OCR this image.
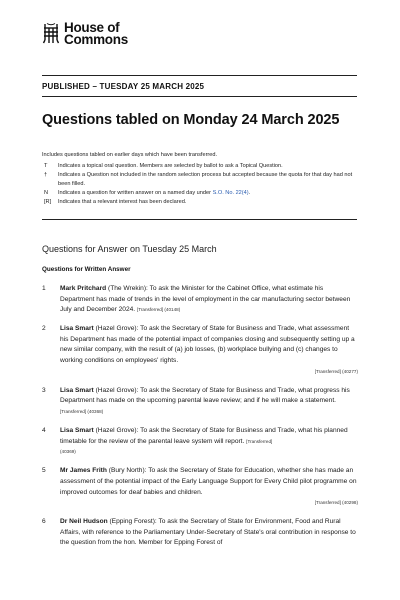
House of
Commons
PUBLISHED – TUESDAY 25 MARCH 2025
Questions tabled on Monday 24 March 2025
Includes questions tabled on earlier days which have been transferred.
T	Indicates a topical oral question. Members are selected by ballot to ask a Topical Question.
†	Indicates a Question not included in the random selection process but accepted because the quota for that day had not been filled.
N	Indicates a question for written answer on a named day under S.O. No. 22(4).
[R]	Indicates that a relevant interest has been declared.
Questions for Answer on Tuesday 25 March
Questions for Written Answer
1	Mark Pritchard (The Wrekin): To ask the Minister for the Cabinet Office, what estimate his Department has made of trends in the level of employment in the car manufacturing sector between July and December 2024. [Transferred] (40148)
2	Lisa Smart (Hazel Grove): To ask the Secretary of State for Business and Trade, what assessment his Department has made of the potential impact of companies closing and subsequently setting up a new similar company, with the result of (a) job losses, (b) workplace bullying and (c) changes to working conditions on employees' rights.
[Transferred] (40277)
3	Lisa Smart (Hazel Grove): To ask the Secretary of State for Business and Trade, what progress his Department has made on the upcoming parental leave review; and if he will make a statement. [Transferred] (40368)
4	Lisa Smart (Hazel Grove): To ask the Secretary of State for Business and Trade, what his planned timetable for the review of the parental leave system will report. [Transferred]
(40369)
5	Mr James Frith (Bury North): To ask the Secretary of State for Education, whether she has made an assessment of the potential impact of the Early Language Support for Every Child pilot programme on improved outcomes for deaf babies and children.
[Transferred] (40298)
6	Dr Neil Hudson (Epping Forest): To ask the Secretary of State for Environment, Food and Rural Affairs, with reference to the Parliamentary Under-Secretary of State's oral contribution in response to the question from the hon. Member for Epping Forest of
